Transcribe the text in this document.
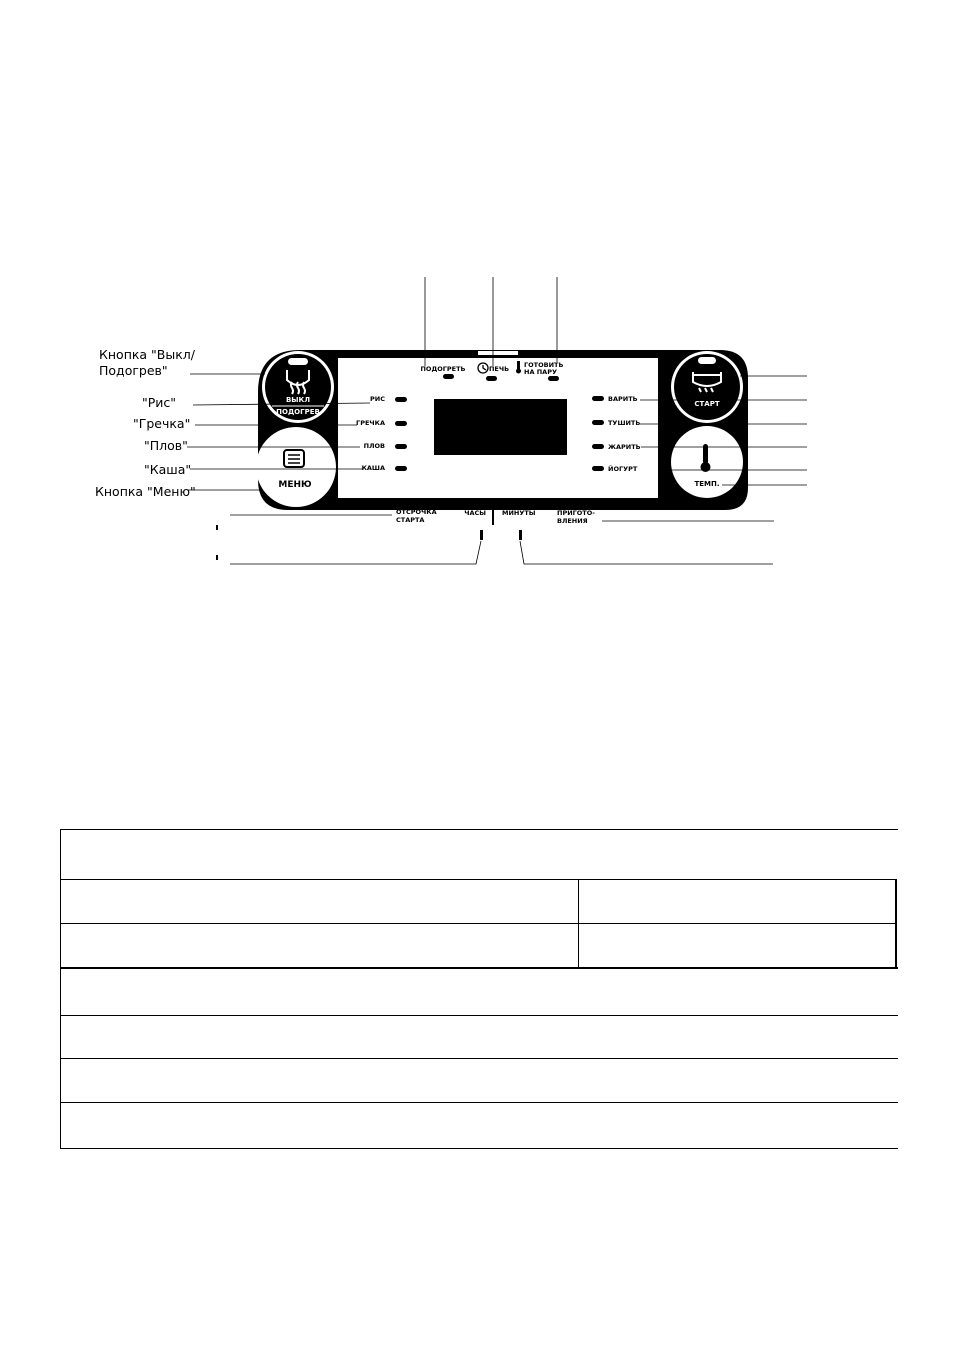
Кнопка "Выкл/
Подогрев"
"Рис"
"Гречка"
"Плов"
"Каша"
Кнопка "Меню"
ВЫКЛ
ПОДОГРЕВ
МЕНЮ
СТАРТ
ТЕМП.
ПОДОГРЕТЬ	ПЕЧЬ ГОТОВИТЬ
НА ПАРУ
РИС
ГРЕЧКА
ПЛОВ
КАША
ВАРИТЬ
ТУШИТЬ
ЖАРИТЬ
ЙОГУРТ
ОТСРОЧКА
СТАРТА
ЧАСЫ МИНУТЫ
ВРЕМЯ
ПРИГОТО-
ВЛЕНИЯ
